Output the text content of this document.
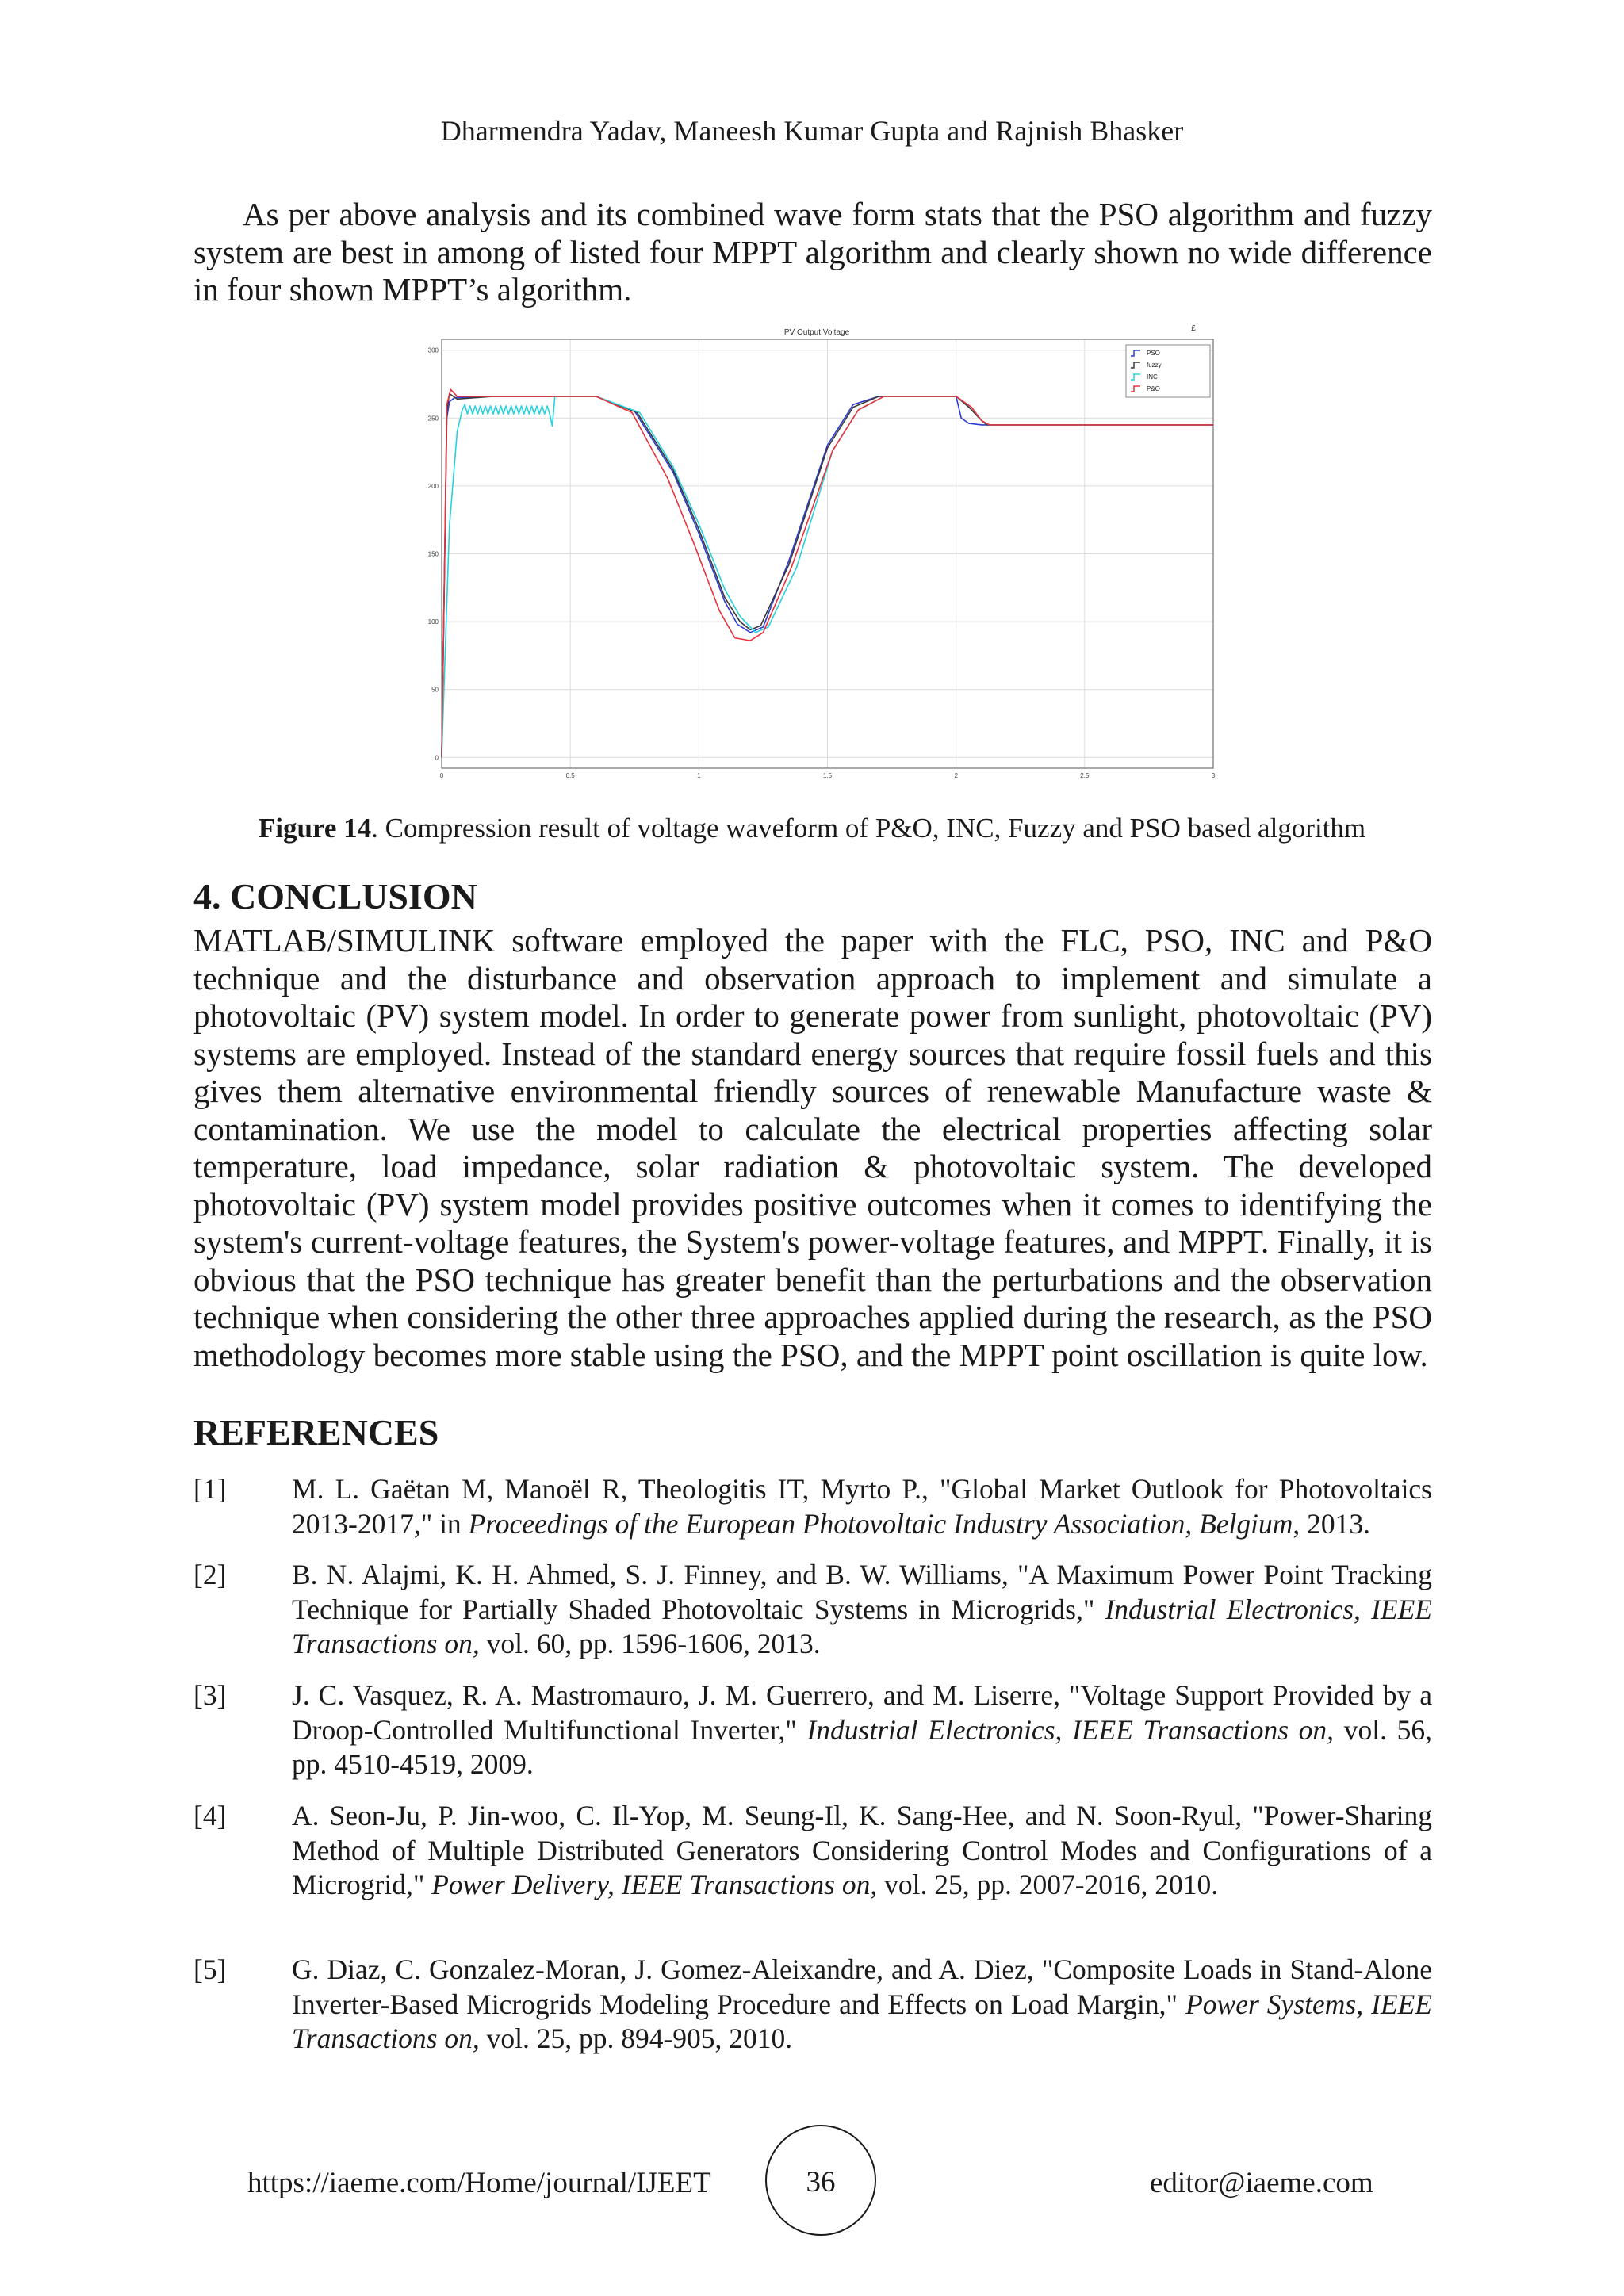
Dharmendra Yadav, Maneesh Kumar Gupta and Rajnish Bhasker
As per above analysis and its combined wave form stats that the PSO algorithm and fuzzy system are best in among of listed four MPPT algorithm and clearly shown no wide difference in four shown MPPT’s algorithm.
PV Output Voltage	£
0	0.5	1	1.5	2	2.5	3
0
50
100
150
200
250
300	PSO
fuzzy
INC
P&O
Figure 14. Compression result of voltage waveform of P&O, INC, Fuzzy and PSO based algorithm
4. CONCLUSION
MATLAB/SIMULINK software employed the paper with the FLC, PSO, INC and P&O technique and the disturbance and observation approach to implement and simulate a photovoltaic (PV) system model. In order to generate power from sunlight, photovoltaic (PV) systems are employed. Instead of the standard energy sources that require fossil fuels and this gives them alternative environmental friendly sources of renewable Manufacture waste & contamination. We use the model to calculate the electrical properties affecting solar temperature, load impedance, solar radiation & photovoltaic system. The developed photovoltaic (PV) system model provides positive outcomes when it comes to identifying the system's current-voltage features, the System's power-voltage features, and MPPT. Finally, it is obvious that the PSO technique has greater benefit than the perturbations and the observation technique when considering the other three approaches applied during the research, as the PSO methodology becomes more stable using the PSO, and the MPPT point oscillation is quite low.
REFERENCES
[1] M. L. Gaëtan M, Manoël R, Theologitis IT, Myrto P., "Global Market Outlook for Photovoltaics 2013-2017," in Proceedings of the European Photovoltaic Industry Association, Belgium, 2013.
[2] B. N. Alajmi, K. H. Ahmed, S. J. Finney, and B. W. Williams, "A Maximum Power Point Tracking Technique for Partially Shaded Photovoltaic Systems in Microgrids," Industrial Electronics, IEEE Transactions on, vol. 60, pp. 1596-1606, 2013.
[3] J. C. Vasquez, R. A. Mastromauro, J. M. Guerrero, and M. Liserre, "Voltage Support Provided by a Droop-Controlled Multifunctional Inverter," Industrial Electronics, IEEE Transactions on, vol. 56, pp. 4510-4519, 2009.
[4] A. Seon-Ju, P. Jin-woo, C. Il-Yop, M. Seung-Il, K. Sang-Hee, and N. Soon-Ryul, "Power-Sharing Method of Multiple Distributed Generators Considering Control Modes and Configurations of a Microgrid," Power Delivery, IEEE Transactions on, vol. 25, pp. 2007-2016, 2010.
[5] G. Diaz, C. Gonzalez-Moran, J. Gomez-Aleixandre, and A. Diez, "Composite Loads in Stand-Alone Inverter-Based Microgrids Modeling Procedure and Effects on Load Margin," Power Systems, IEEE Transactions on, vol. 25, pp. 894-905, 2010.
https://iaeme.com/Home/journal/IJEET	36	editor@iaeme.com
